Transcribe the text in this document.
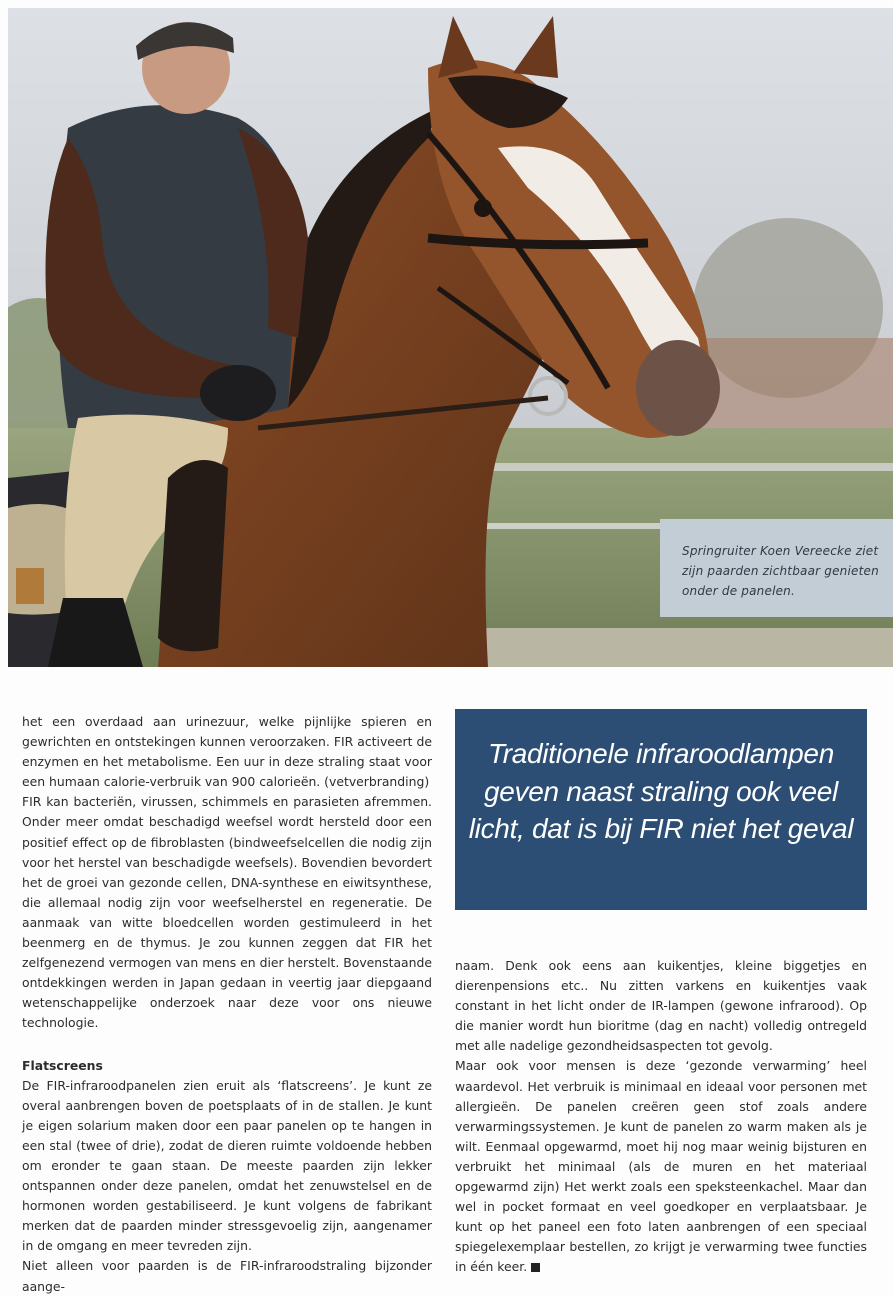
Springruiter Koen Vereecke ziet zijn paarden zichtbaar genieten onder de panelen.

Traditionele infraroodlampen geven naast straling ook veel licht, dat is bij FIR niet het geval

het een overdaad aan urinezuur, welke pijnlijke spieren en gewrichten en ontstekingen kunnen veroorzaken. FIR activeert de enzymen en het metabolisme. Een uur in deze straling staat voor een humaan calorie-verbruik van 900 calorieën. (vetverbranding)

FIR kan bacteriën, virussen, schimmels en parasieten afremmen. Onder meer omdat beschadigd weefsel wordt hersteld door een positief effect op de fibroblasten (bindweefselcellen die nodig zijn voor het herstel van beschadigde weefsels). Bovendien bevordert het de groei van gezonde cellen, DNA-synthese en eiwitsynthese, die allemaal nodig zijn voor weefselherstel en regeneratie. De aanmaak van witte bloedcellen worden gestimuleerd in het beenmerg en de thymus. Je zou kunnen zeggen dat FIR het zelfgenezend vermogen van mens en dier herstelt. Bovenstaande ontdekkingen werden in Japan gedaan in veertig jaar diepgaand wetenschappelijke onderzoek naar deze voor ons nieuwe technologie.

Flatscreens

De FIR-infraroodpanelen zien eruit als ‘flatscreens’. Je kunt ze overal aanbrengen boven de poetsplaats of in de stallen. Je kunt je eigen solarium maken door een paar panelen op te hangen in een stal (twee of drie), zodat de dieren ruimte voldoende hebben om eronder te gaan staan. De meeste paarden zijn lekker ontspannen onder deze panelen, omdat het zenuwstelsel en de hormonen worden gestabiliseerd. Je kunt volgens de fabrikant merken dat de paarden minder stressgevoelig zijn, aangenamer in de omgang en meer tevreden zijn.

Niet alleen voor paarden is de FIR-infraroodstraling bijzonder aange-

naam. Denk ook eens aan kuikentjes, kleine biggetjes en dierenpensions etc.. Nu zitten varkens en kuikentjes vaak constant in het licht onder de IR-lampen (gewone infrarood). Op die manier wordt hun bioritme (dag en nacht) volledig ontregeld met alle nadelige gezondheidsaspecten tot gevolg.

Maar ook voor mensen is deze ‘gezonde verwarming’ heel waardevol. Het verbruik is minimaal en ideaal voor personen met allergieën. De panelen creëren geen stof zoals andere verwarmingssystemen. Je kunt de panelen zo warm maken als je wilt. Eenmaal opgewarmd, moet hij nog maar weinig bijsturen en verbruikt het minimaal (als de muren en het materiaal opgewarmd zijn) Het werkt zoals een speksteenkachel. Maar dan wel in pocket formaat en veel goedkoper en verplaatsbaar. Je kunt op het paneel een foto laten aanbrengen of een speciaal spiegelexemplaar bestellen, zo krijgt je verwarming twee functies in één keer.
